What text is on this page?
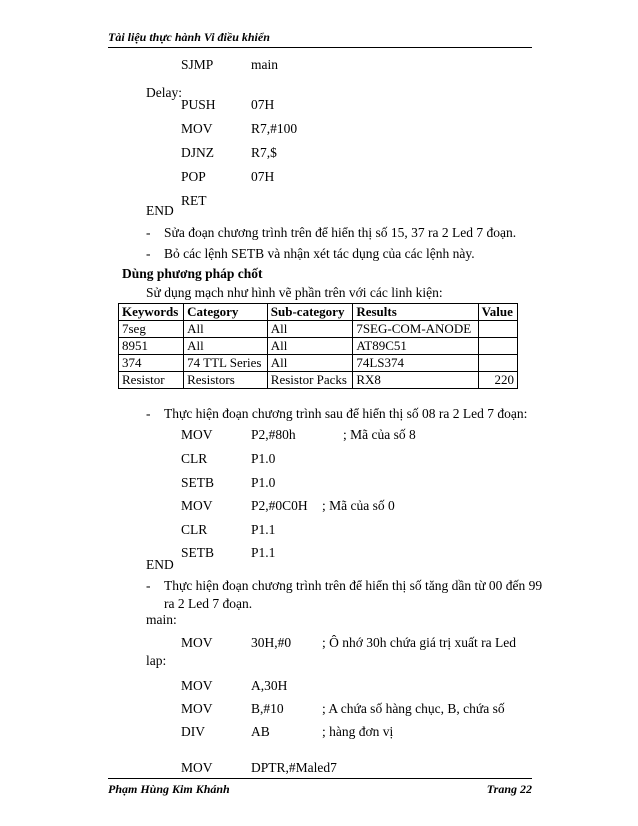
Tài liệu thực hành Vi điều khiển
SJMP	main
Delay:
PUSH	07H
MOV	R7,#100
DJNZ	R7,$
POP	07H
RET
END
- Sửa đoạn chương trình trên để hiển thị số 15, 37 ra 2 Led 7 đoạn.
- Bỏ các lệnh SETB và nhận xét tác dụng của các lệnh này.
Dùng phương pháp chốt
Sử dụng mạch như hình vẽ phần trên với các linh kiện:
Keywords	Category	Sub-category	Results	Value
7seg	All	All	7SEG-COM-ANODE	
8951	All	All	AT89C51	
374	74 TTL Series	All	74LS374	
Resistor	Resistors	Resistor Packs	RX8	220
- Thực hiện đoạn chương trình sau để hiển thị số 08 ra 2 Led 7 đoạn:
MOV	P2,#80h	; Mã của số 8
CLR	P1.0
SETB	P1.0
MOV	P2,#0C0H ; Mã của số 0
CLR	P1.1
SETB	P1.1
END
- Thực hiện đoạn chương trình trên để hiển thị số tăng dần từ 00 đến 99
ra 2 Led 7 đoạn.
main:
MOV	30H,#0 ; Ô nhớ 30h chứa giá trị xuất ra Led
lap:
MOV	A,30H
MOV	B,#10	; A chứa số hàng chục, B, chứa số
DIV	AB	; hàng đơn vị
MOV	DPTR,#Maled7
Phạm Hùng Kim Khánh	Trang 22
